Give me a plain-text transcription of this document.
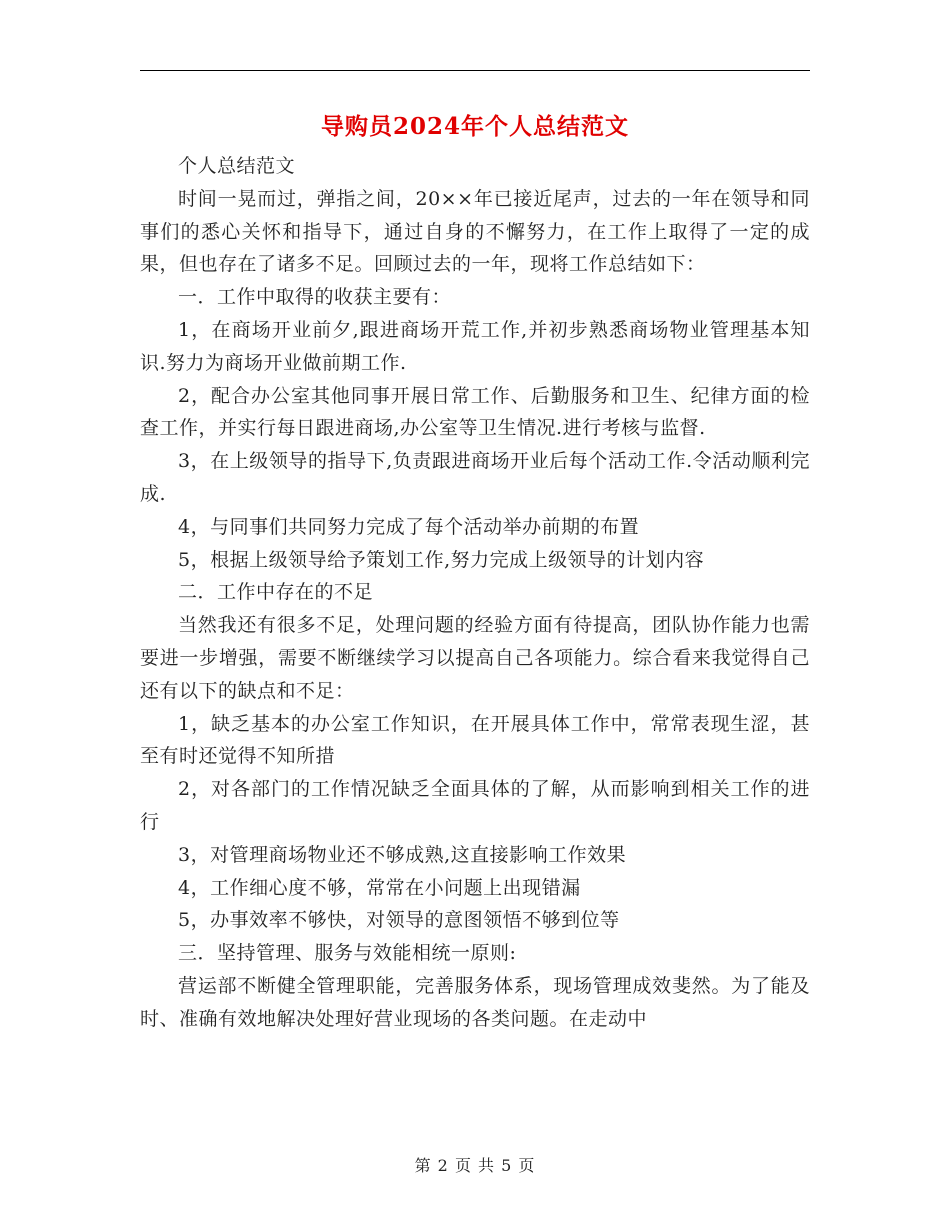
导购员2024年个人总结范文

个人总结范文

时间一晃而过，弹指之间，20××年已接近尾声，过去的一年在领导和同事们的悉心关怀和指导下，通过自身的不懈努力，在工作上取得了一定的成果，但也存在了诸多不足。回顾过去的一年，现将工作总结如下：

一．工作中取得的收获主要有：

1，在商场开业前夕,跟进商场开荒工作,并初步熟悉商场物业管理基本知识.努力为商场开业做前期工作.

2，配合办公室其他同事开展日常工作、后勤服务和卫生、纪律方面的检查工作，并实行每日跟进商场,办公室等卫生情况.进行考核与监督.

3，在上级领导的指导下,负责跟进商场开业后每个活动工作.令活动顺利完成.

4，与同事们共同努力完成了每个活动举办前期的布置

5，根据上级领导给予策划工作,努力完成上级领导的计划内容

二．工作中存在的不足

当然我还有很多不足，处理问题的经验方面有待提高，团队协作能力也需要进一步增强，需要不断继续学习以提高自己各项能力。综合看来我觉得自己还有以下的缺点和不足：

1，缺乏基本的办公室工作知识，在开展具体工作中，常常表现生涩，甚至有时还觉得不知所措

2，对各部门的工作情况缺乏全面具体的了解，从而影响到相关工作的进行

3，对管理商场物业还不够成熟,这直接影响工作效果

4，工作细心度不够，常常在小问题上出现错漏

5，办事效率不够快，对领导的意图领悟不够到位等

三．坚持管理、服务与效能相统一原则:

营运部不断健全管理职能，完善服务体系，现场管理成效斐然。为了能及时、准确有效地解决处理好营业现场的各类问题。在走动中

第 2 页 共 5 页
